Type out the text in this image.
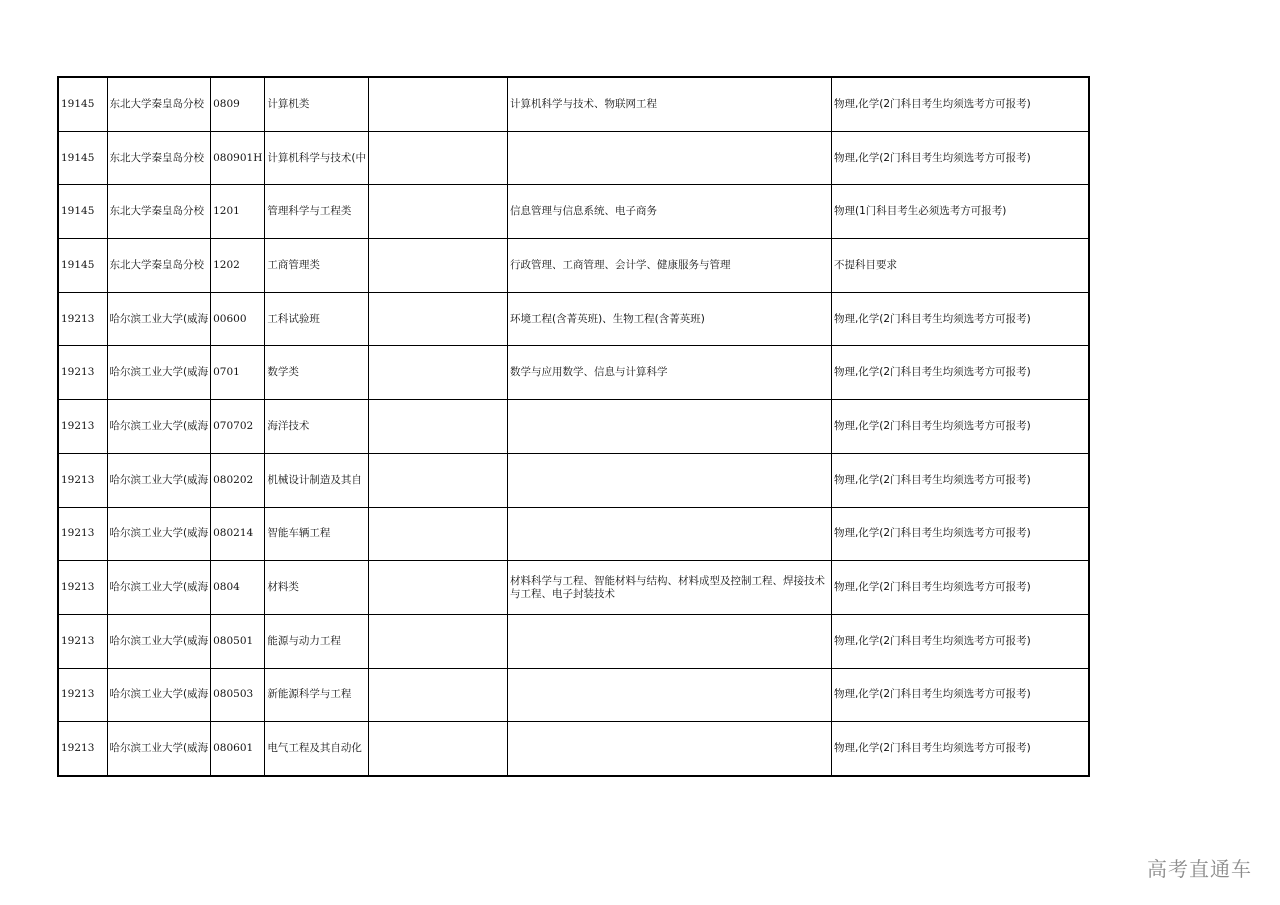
19145	东北大学秦皇岛分校	0809	计算机类		计算机科学与技术、物联网工程	物理,化学(2门科目考生均须选考方可报考)
19145	东北大学秦皇岛分校	080901H	计算机科学与技术(中			物理,化学(2门科目考生均须选考方可报考)
19145	东北大学秦皇岛分校	1201	管理科学与工程类		信息管理与信息系统、电子商务	物理(1门科目考生必须选考方可报考)
19145	东北大学秦皇岛分校	1202	工商管理类		行政管理、工商管理、会计学、健康服务与管理	不提科目要求
19213	哈尔滨工业大学(威海	00600	工科试验班		环境工程(含菁英班)、生物工程(含菁英班)	物理,化学(2门科目考生均须选考方可报考)
19213	哈尔滨工业大学(威海	0701	数学类		数学与应用数学、信息与计算科学	物理,化学(2门科目考生均须选考方可报考)
19213	哈尔滨工业大学(威海	070702	海洋技术			物理,化学(2门科目考生均须选考方可报考)
19213	哈尔滨工业大学(威海	080202	机械设计制造及其自			物理,化学(2门科目考生均须选考方可报考)
19213	哈尔滨工业大学(威海	080214	智能车辆工程			物理,化学(2门科目考生均须选考方可报考)
19213	哈尔滨工业大学(威海	0804	材料类		材料科学与工程、智能材料与结构、材料成型及控制工程、焊接技术与工程、电子封装技术	物理,化学(2门科目考生均须选考方可报考)
19213	哈尔滨工业大学(威海	080501	能源与动力工程			物理,化学(2门科目考生均须选考方可报考)
19213	哈尔滨工业大学(威海	080503	新能源科学与工程			物理,化学(2门科目考生均须选考方可报考)
19213	哈尔滨工业大学(威海	080601	电气工程及其自动化			物理,化学(2门科目考生均须选考方可报考)
高考直通车
